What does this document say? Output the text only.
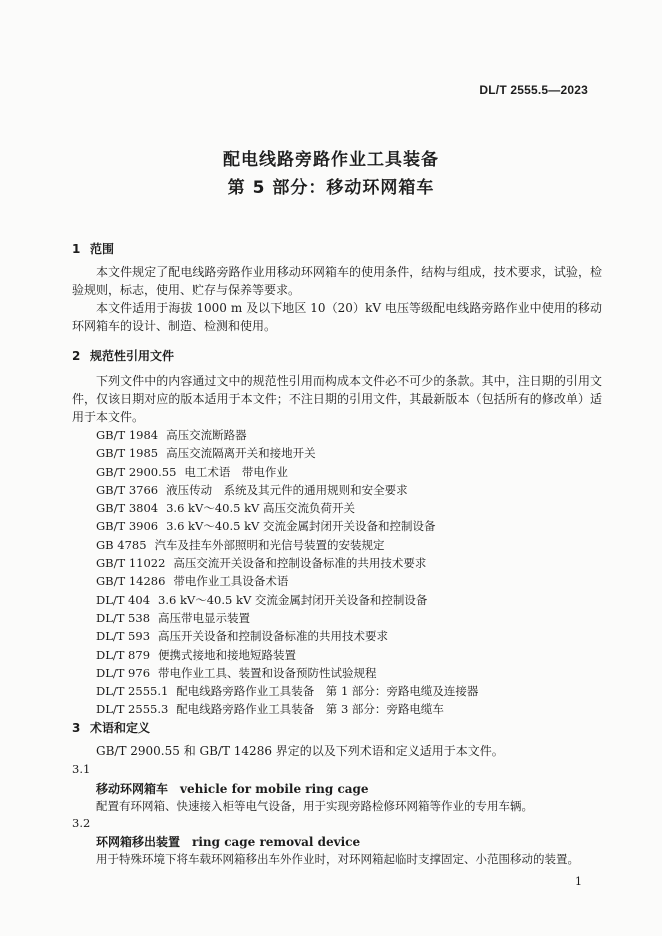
DL/T 2555.5—2023
配电线路旁路作业工具装备
第 5 部分：移动环网箱车
1 范围
本文件规定了配电线路旁路作业用移动环网箱车的使用条件，结构与组成，技术要求，试验，检验规则，标志，使用、贮存与保养等要求。
本文件适用于海拔 1000 m 及以下地区 10（20）kV 电压等级配电线路旁路作业中使用的移动环网箱车的设计、制造、检测和使用。
2 规范性引用文件
下列文件中的内容通过文中的规范性引用而构成本文件必不可少的条款。其中，注日期的引用文件，仅该日期对应的版本适用于本文件；不注日期的引用文件，其最新版本（包括所有的修改单）适用于本文件。
GB/T 1984 高压交流断路器
GB/T 1985 高压交流隔离开关和接地开关
GB/T 2900.55 电工术语　带电作业
GB/T 3766 液压传动　系统及其元件的通用规则和安全要求
GB/T 3804 3.6 kV～40.5 kV 高压交流负荷开关
GB/T 3906 3.6 kV～40.5 kV 交流金属封闭开关设备和控制设备
GB 4785 汽车及挂车外部照明和光信号装置的安装规定
GB/T 11022 高压交流开关设备和控制设备标准的共用技术要求
GB/T 14286 带电作业工具设备术语
DL/T 404 3.6 kV～40.5 kV 交流金属封闭开关设备和控制设备
DL/T 538 高压带电显示装置
DL/T 593 高压开关设备和控制设备标准的共用技术要求
DL/T 879 便携式接地和接地短路装置
DL/T 976 带电作业工具、装置和设备预防性试验规程
DL/T 2555.1 配电线路旁路作业工具装备　第 1 部分：旁路电缆及连接器
DL/T 2555.3 配电线路旁路作业工具装备　第 3 部分：旁路电缆车
3 术语和定义
GB/T 2900.55 和 GB/T 14286 界定的以及下列术语和定义适用于本文件。
3.1
移动环网箱车 vehicle for mobile ring cage
配置有环网箱、快速接入柜等电气设备，用于实现旁路检修环网箱等作业的专用车辆。
3.2
环网箱移出装置 ring cage removal device
用于特殊环境下将车载环网箱移出车外作业时，对环网箱起临时支撑固定、小范围移动的装置。
1
